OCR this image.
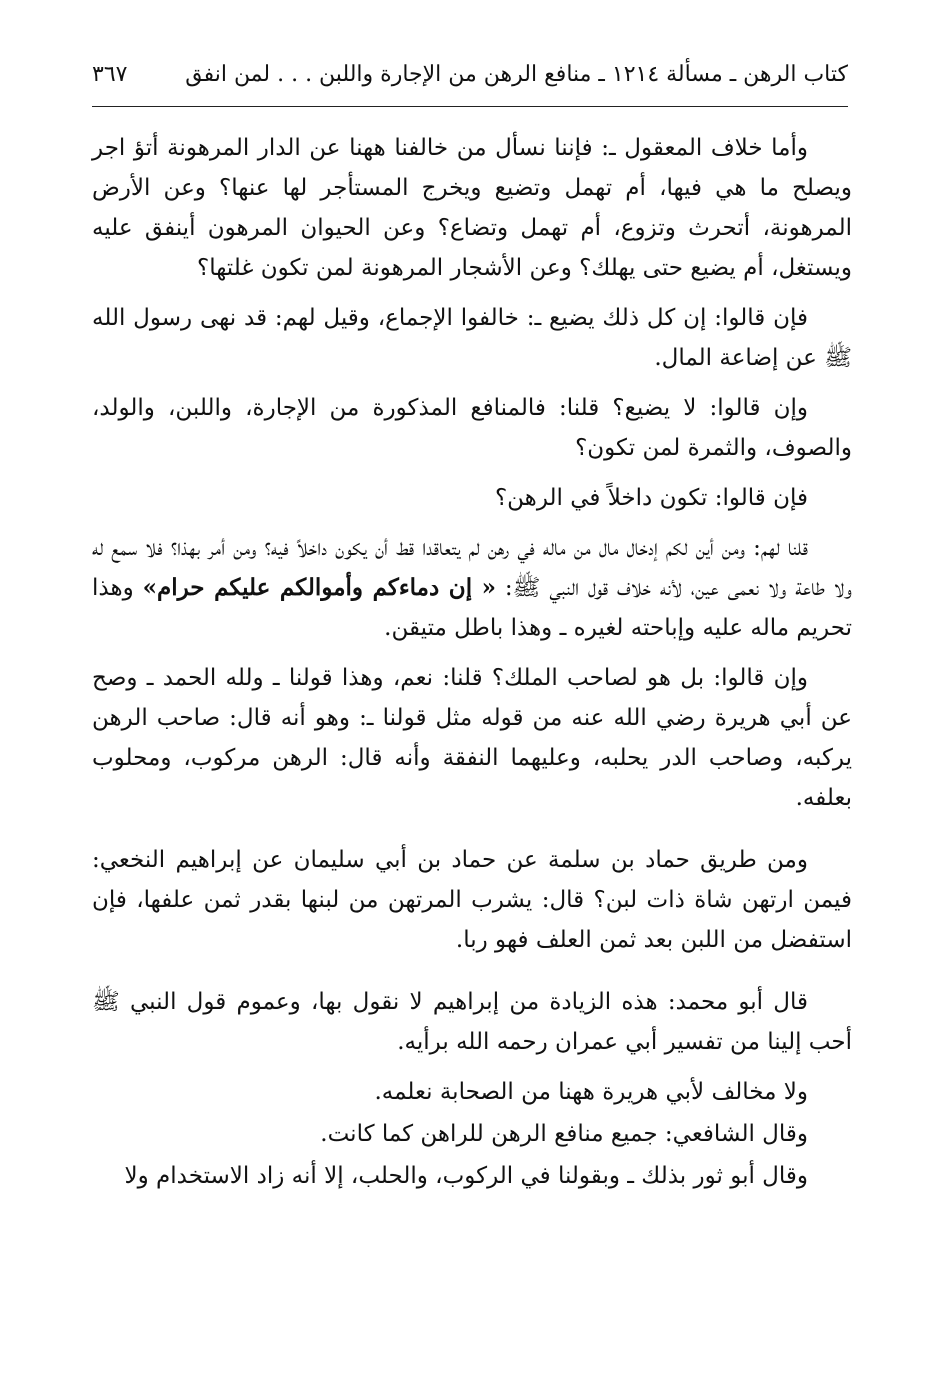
كتاب الرهن ـ مسألة ١٢١٤ ـ منافع الرهن من الإجارة واللبن . . . لمن انفق
٣٦٧

وأما خلاف المعقول ـ: فإننا نسأل من خالفنا ههنا عن الدار المرهونة أتؤ اجر ويصلح ما هي فيها، أم تهمل وتضيع ويخرج المستأجر لها عنها؟ وعن الأرض المرهونة، أتحرث وتزوع، أم تهمل وتضاع؟ وعن الحيوان المرهون أينفق عليه ويستغل، أم يضيع حتى يهلك؟ وعن الأشجار المرهونة لمن تكون غلتها؟

فإن قالوا: إن كل ذلك يضيع ـ: خالفوا الإجماع، وقيل لهم: قد نهى رسول الله ﷺ عن إضاعة المال.

وإن قالوا: لا يضيع؟ قلنا: فالمنافع المذكورة من الإجارة، واللبن، والولد، والصوف، والثمرة لمن تكون؟

فإن قالوا: تكون داخلاً في الرهن؟

قلنا لهم: ومن أين لكم إدخال مال من ماله في رهن لم يتعاقدا قط أن يكون داخلاً فيه؟ ومن أمر بهذا؟ فلا سمع له ولا طاعة ولا نعمى عين، لأنه خلاف قول النبي ﷺ: « إن دماءكم وأموالكم عليكم حرام» وهذا تحريم ماله عليه وإباحته لغيره ـ وهذا باطل متيقن.

وإن قالوا: بل هو لصاحب الملك؟ قلنا: نعم، وهذا قولنا ـ ولله الحمد ـ وصح عن أبي هريرة رضي الله عنه من قوله مثل قولنا ـ: وهو أنه قال: صاحب الرهن يركبه، وصاحب الدر يحلبه، وعليهما النفقة وأنه قال: الرهن مركوب، ومحلوب بعلفه.

ومن طريق حماد بن سلمة عن حماد بن أبي سليمان عن إبراهيم النخعي: فيمن ارتهن شاة ذات لبن؟ قال: يشرب المرتهن من لبنها بقدر ثمن علفها، فإن استفضل من اللبن بعد ثمن العلف فهو ربا.

قال أبو محمد: هذه الزيادة من إبراهيم لا نقول بها، وعموم قول النبي ﷺ أحب إلينا من تفسير أبي عمران رحمه الله برأيه.

ولا مخالف لأبي هريرة ههنا من الصحابة نعلمه.

وقال الشافعي: جميع منافع الرهن للراهن كما كانت.

وقال أبو ثور بذلك ـ وبقولنا في الركوب، والحلب، إلا أنه زاد الاستخدام ولا
